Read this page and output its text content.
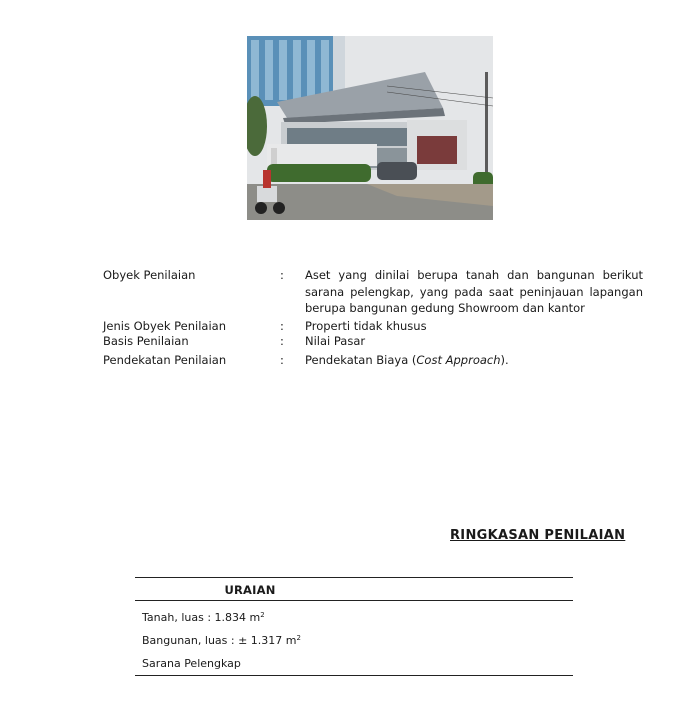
Obyek Penilaian	:	Aset yang dinilai berupa tanah dan bangunan berikut sarana pelengkap, yang pada saat peninjauan lapangan berupa bangunan gedung Showroom dan kantor
Jenis Obyek Penilaian	:	Properti tidak khusus
Basis Penilaian	:	Nilai Pasar
Pendekatan Penilaian	:	Pendekatan Biaya (Cost Approach).
RINGKASAN PENILAIAN
URAIAN
Tanah, luas : 1.834 $m^2$
Bangunan, luas : ± 1.317 $m^2$
Sarana Pelengkap
